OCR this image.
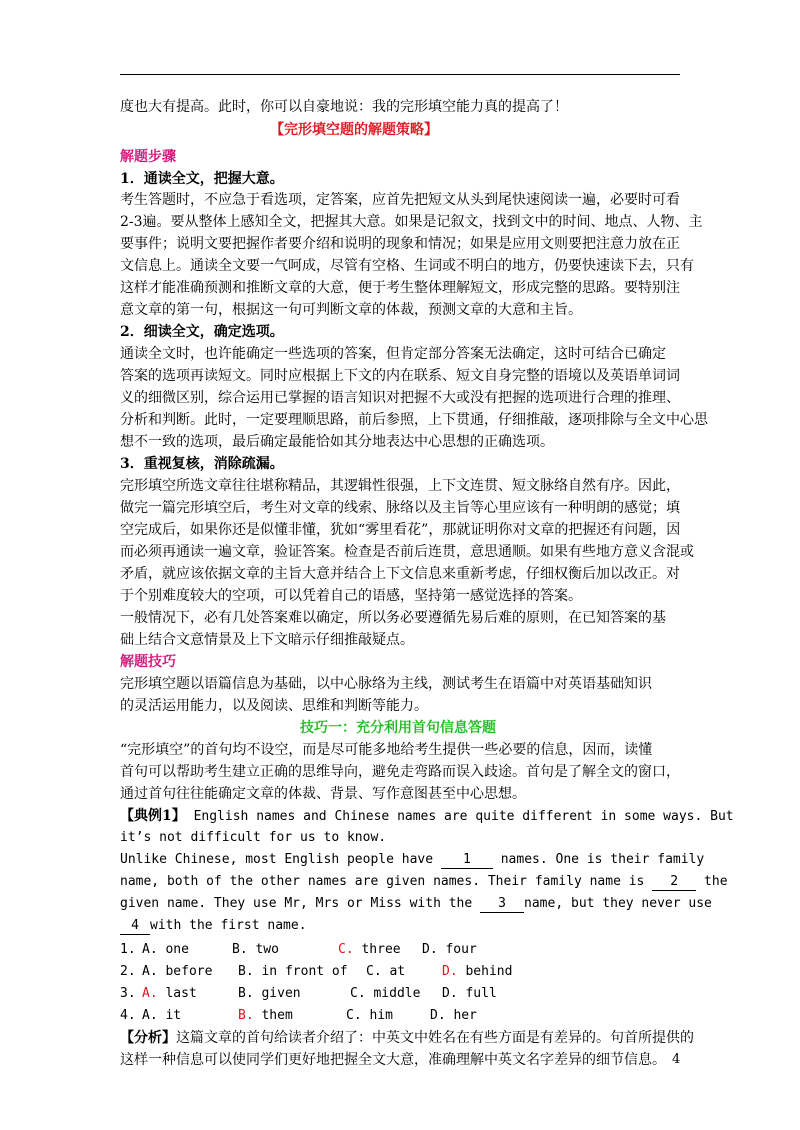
度也大有提高。此时，你可以自豪地说：我的完形填空能力真的提高了！
【完形填空题的解题策略】
解题步骤
1．通读全文，把握大意。
考生答题时，不应急于看选项，定答案，应首先把短文从头到尾快速阅读一遍，必要时可看
2-3遍。要从整体上感知全文，把握其大意。如果是记叙文，找到文中的时间、地点、人物、主
要事件；说明文要把握作者要介绍和说明的现象和情况；如果是应用文则要把注意力放在正
文信息上。通读全文要一气呵成，尽管有空格、生词或不明白的地方，仍要快速读下去，只有
这样才能准确预测和推断文章的大意，便于考生整体理解短文，形成完整的思路。要特别注
意文章的第一句，根据这一句可判断文章的体裁，预测文章的大意和主旨。
2．细读全文，确定选项。
通读全文时，也许能确定一些选项的答案，但肯定部分答案无法确定，这时可结合已确定
答案的选项再读短文。同时应根据上下文的内在联系、短文自身完整的语境以及英语单词词
义的细微区别，综合运用已掌握的语言知识对把握不大或没有把握的选项进行合理的推理、
分析和判断。此时，一定要理顺思路，前后参照，上下贯通，仔细推敲，逐项排除与全文中心思
想不一致的选项，最后确定最能恰如其分地表达中心思想的正确选项。
3．重视复核，消除疏漏。
完形填空所选文章往往堪称精品，其逻辑性很强，上下文连贯、短文脉络自然有序。因此，
做完一篇完形填空后，考生对文章的线索、脉络以及主旨等心里应该有一种明朗的感觉；填
空完成后，如果你还是似懂非懂，犹如“雾里看花”，那就证明你对文章的把握还有问题，因
而必须再通读一遍文章，验证答案。检查是否前后连贯，意思通顺。如果有些地方意义含混或
矛盾，就应该依据文章的主旨大意并结合上下文信息来重新考虑，仔细权衡后加以改正。对
于个别难度较大的空项，可以凭着自己的语感，坚持第一感觉选择的答案。
一般情况下，必有几处答案难以确定，所以务必要遵循先易后难的原则，在已知答案的基
础上结合文意情景及上下文暗示仔细推敲疑点。
解题技巧
完形填空题以语篇信息为基础，以中心脉络为主线，测试考生在语篇中对英语基础知识
的灵活运用能力，以及阅读、思维和判断等能力。
技巧一：充分利用首句信息答题
“完形填空”的首句均不设空，而是尽可能多地给考生提供一些必要的信息，因而，读懂
首句可以帮助考生建立正确的思维导向，避免走弯路而误入歧途。首句是了解全文的窗口，
通过首句往往能确定文章的体裁、背景、写作意图甚至中心思想。
【典例1】 English names and Chinese names are quite different in some ways. But
it’s not difficult for us to know.
Unlike Chinese, most English people have 1 names. One is their family
name, both of the other names are given names. Their family name is 2 the
given name. They use Mr, Mrs or Miss with the 3 name, but they never use
4 with the first name.
1. A. one	B. two	C. three D. four
2. A. before B. in front of C. at	D. behind
3. A. last	B. given	C. middle D. full
4. A. it	B. them	C. him	D. her
【分析】这篇文章的首句给读者介绍了：中英文中姓名在有些方面是有差异的。句首所提供的
这样一种信息可以使同学们更好地把握全文大意，准确理解中英文名字差异的细节信息。 4
